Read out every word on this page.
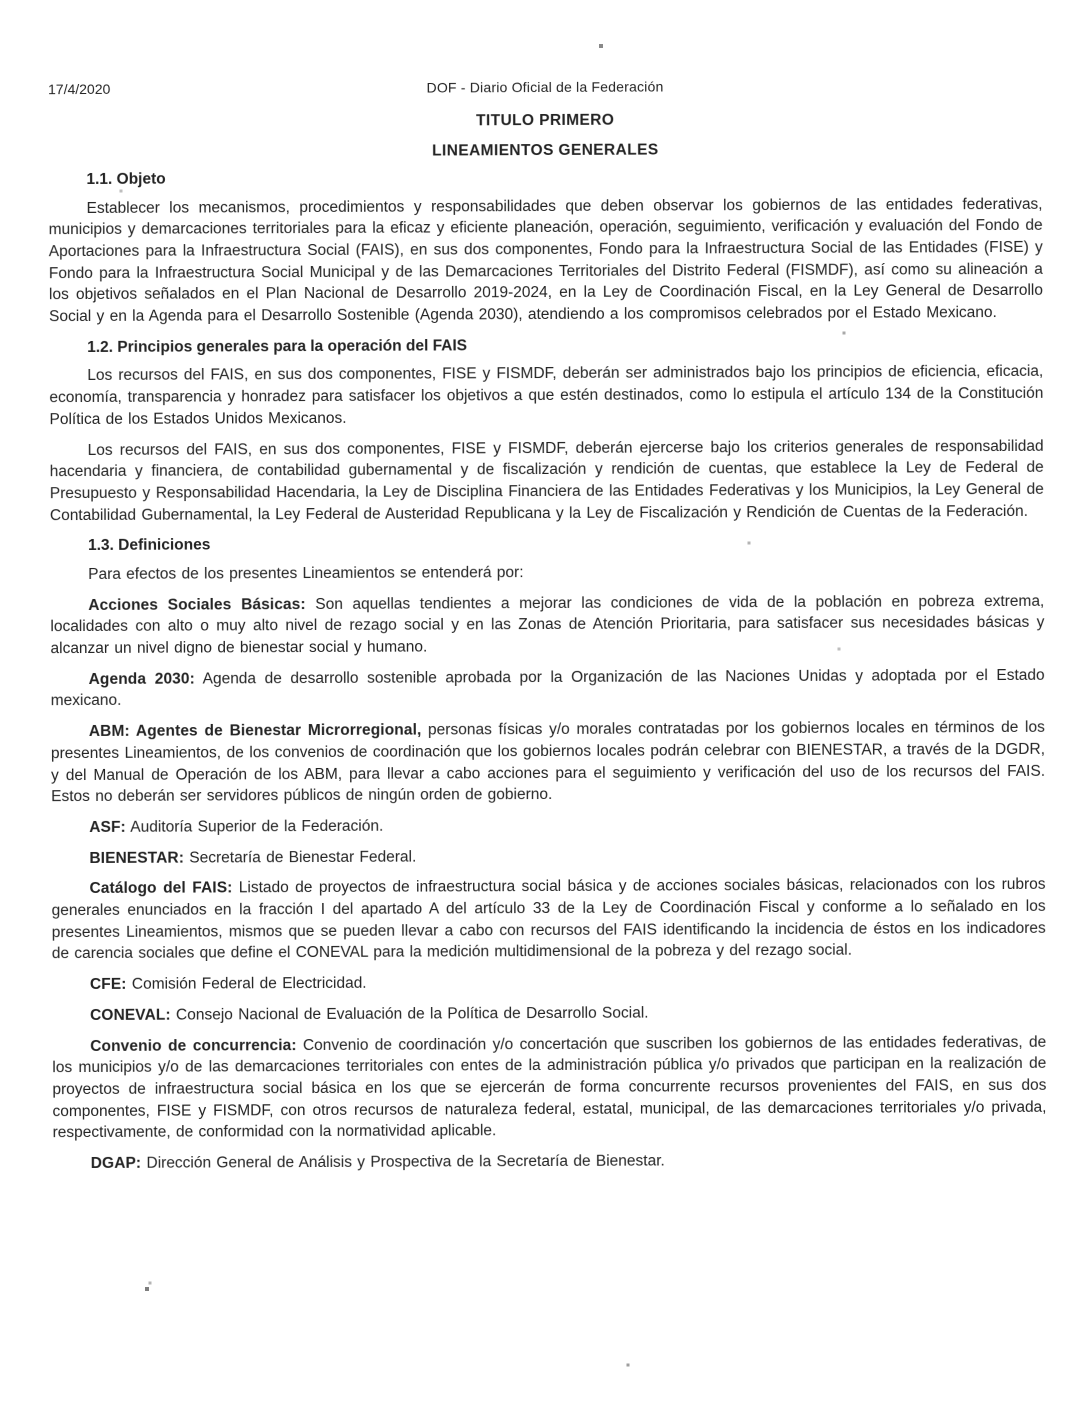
17/4/2020	DOF - Diario Oficial de la Federación
TITULO PRIMERO
LINEAMIENTOS GENERALES
1.1. Objeto

Establecer los mecanismos, procedimientos y responsabilidades que deben observar los gobiernos de las entidades federativas, municipios y demarcaciones territoriales para la eficaz y eficiente planeación, operación, seguimiento, verificación y evaluación del Fondo de Aportaciones para la Infraestructura Social (FAIS), en sus dos componentes, Fondo para la Infraestructura Social de las Entidades (FISE) y Fondo para la Infraestructura Social Municipal y de las Demarcaciones Territoriales del Distrito Federal (FISMDF), así como su alineación a los objetivos señalados en el Plan Nacional de Desarrollo 2019-2024, en la Ley de Coordinación Fiscal, en la Ley General de Desarrollo Social y en la Agenda para el Desarrollo Sostenible (Agenda 2030), atendiendo a los compromisos celebrados por el Estado Mexicano.

1.2. Principios generales para la operación del FAIS

Los recursos del FAIS, en sus dos componentes, FISE y FISMDF, deberán ser administrados bajo los principios de eficiencia, eficacia, economía, transparencia y honradez para satisfacer los objetivos a que estén destinados, como lo estipula el artículo 134 de la Constitución Política de los Estados Unidos Mexicanos.

Los recursos del FAIS, en sus dos componentes, FISE y FISMDF, deberán ejercerse bajo los criterios generales de responsabilidad hacendaria y financiera, de contabilidad gubernamental y de fiscalización y rendición de cuentas, que establece la Ley de Federal de Presupuesto y Responsabilidad Hacendaria, la Ley de Disciplina Financiera de las Entidades Federativas y los Municipios, la Ley General de Contabilidad Gubernamental, la Ley Federal de Austeridad Republicana y la Ley de Fiscalización y Rendición de Cuentas de la Federación.

1.3. Definiciones

Para efectos de los presentes Lineamientos se entenderá por:

Acciones Sociales Básicas: Son aquellas tendientes a mejorar las condiciones de vida de la población en pobreza extrema, localidades con alto o muy alto nivel de rezago social y en las Zonas de Atención Prioritaria, para satisfacer sus necesidades básicas y alcanzar un nivel digno de bienestar social y humano.

Agenda 2030: Agenda de desarrollo sostenible aprobada por la Organización de las Naciones Unidas y adoptada por el Estado mexicano.

ABM: Agentes de Bienestar Microrregional, personas físicas y/o morales contratadas por los gobiernos locales en términos de los presentes Lineamientos, de los convenios de coordinación que los gobiernos locales podrán celebrar con BIENESTAR, a través de la DGDR, y del Manual de Operación de los ABM, para llevar a cabo acciones para el seguimiento y verificación del uso de los recursos del FAIS. Estos no deberán ser servidores públicos de ningún orden de gobierno.

ASF: Auditoría Superior de la Federación.

BIENESTAR: Secretaría de Bienestar Federal.

Catálogo del FAIS: Listado de proyectos de infraestructura social básica y de acciones sociales básicas, relacionados con los rubros generales enunciados en la fracción I del apartado A del artículo 33 de la Ley de Coordinación Fiscal y conforme a lo señalado en los presentes Lineamientos, mismos que se pueden llevar a cabo con recursos del FAIS identificando la incidencia de éstos en los indicadores de carencia sociales que define el CONEVAL para la medición multidimensional de la pobreza y del rezago social.

CFE: Comisión Federal de Electricidad.

CONEVAL: Consejo Nacional de Evaluación de la Política de Desarrollo Social.

Convenio de concurrencia: Convenio de coordinación y/o concertación que suscriben los gobiernos de las entidades federativas, de los municipios y/o de las demarcaciones territoriales con entes de la administración pública y/o privados que participan en la realización de proyectos de infraestructura social básica en los que se ejercerán de forma concurrente recursos provenientes del FAIS, en sus dos componentes, FISE y FISMDF, con otros recursos de naturaleza federal, estatal, municipal, de las demarcaciones territoriales y/o privada, respectivamente, de conformidad con la normatividad aplicable.

DGAP: Dirección General de Análisis y Prospectiva de la Secretaría de Bienestar.
